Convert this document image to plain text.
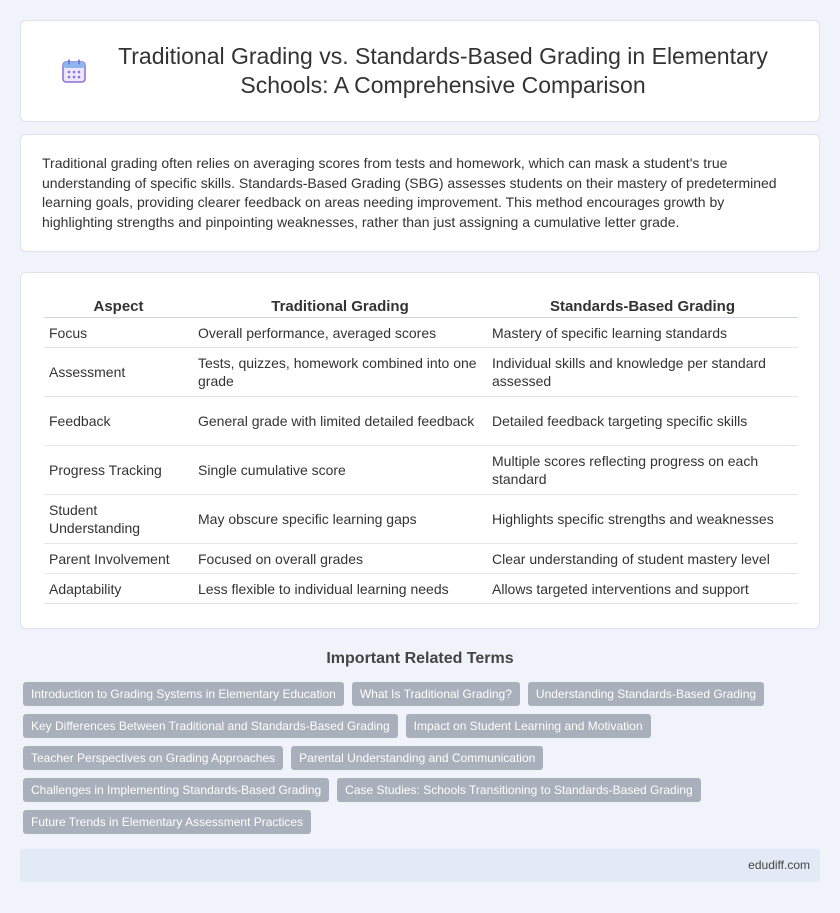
Traditional Grading vs. Standards-Based Grading in Elementary Schools: A Comprehensive Comparison

Traditional grading often relies on averaging scores from tests and homework, which can mask a student's true understanding of specific skills. Standards-Based Grading (SBG) assesses students on their mastery of predetermined learning goals, providing clearer feedback on areas needing improvement. This method encourages growth by highlighting strengths and pinpointing weaknesses, rather than just assigning a cumulative letter grade.

Aspect	Traditional Grading	Standards-Based Grading
Focus	Overall performance, averaged scores	Mastery of specific learning standards
Assessment	Tests, quizzes, homework combined into one grade	Individual skills and knowledge per standard assessed
Feedback	General grade with limited detailed feedback	Detailed feedback targeting specific skills
Progress Tracking	Single cumulative score	Multiple scores reflecting progress on each standard
Student Understanding	May obscure specific learning gaps	Highlights specific strengths and weaknesses
Parent Involvement	Focused on overall grades	Clear understanding of student mastery level
Adaptability	Less flexible to individual learning needs	Allows targeted interventions and support
Important Related Terms
Introduction to Grading Systems in Elementary Education	What Is Traditional Grading?	Understanding Standards-Based Grading
Key Differences Between Traditional and Standards-Based Grading	Impact on Student Learning and Motivation
Teacher Perspectives on Grading Approaches	Parental Understanding and Communication
Challenges in Implementing Standards-Based Grading	Case Studies: Schools Transitioning to Standards-Based Grading
Future Trends in Elementary Assessment Practices
edudiff.com
